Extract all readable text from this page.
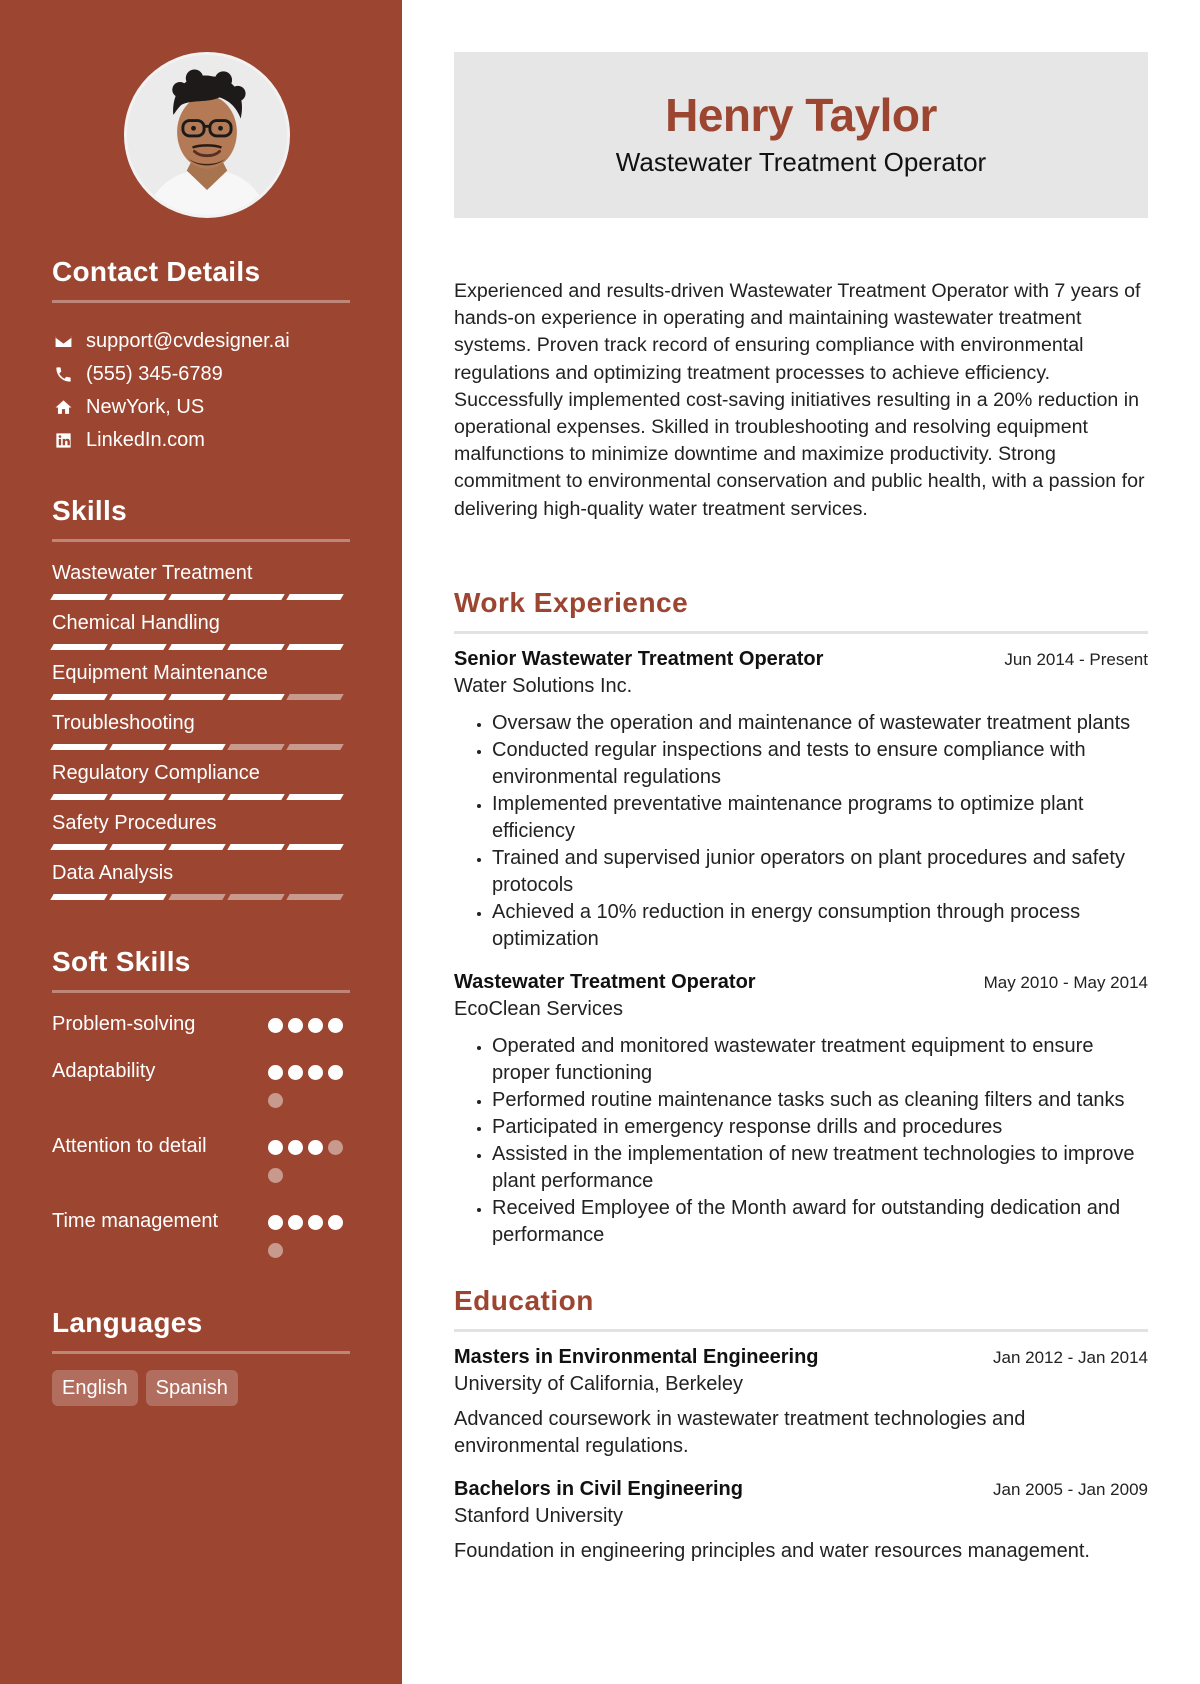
Contact Details
support@cvdesigner.ai
(555) 345-6789
NewYork, US
LinkedIn.com
Skills
Wastewater Treatment
Chemical Handling
Equipment Maintenance
Troubleshooting
Regulatory Compliance
Safety Procedures
Data Analysis
Soft Skills
Problem-solving
Adaptability
Attention to detail
Time management
Languages
English	Spanish
Henry Taylor
Wastewater Treatment Operator

Experienced and results-driven Wastewater Treatment Operator with 7 years of hands-on experience in operating and maintaining wastewater treatment systems. Proven track record of ensuring compliance with environmental regulations and optimizing treatment processes to achieve efficiency. Successfully implemented cost-saving initiatives resulting in a 20% reduction in operational expenses. Skilled in troubleshooting and resolving equipment malfunctions to minimize downtime and maximize productivity. Strong commitment to environmental conservation and public health, with a passion for delivering high-quality water treatment services.

Work Experience
Senior Wastewater Treatment Operator	Jun 2014 - Present
Water Solutions Inc.
• Oversaw the operation and maintenance of wastewater treatment plants
• Conducted regular inspections and tests to ensure compliance with environmental regulations
• Implemented preventative maintenance programs to optimize plant efficiency
• Trained and supervised junior operators on plant procedures and safety protocols
• Achieved a 10% reduction in energy consumption through process optimization
Wastewater Treatment Operator	May 2010 - May 2014
EcoClean Services
• Operated and monitored wastewater treatment equipment to ensure proper functioning
• Performed routine maintenance tasks such as cleaning filters and tanks
• Participated in emergency response drills and procedures
• Assisted in the implementation of new treatment technologies to improve plant performance
• Received Employee of the Month award for outstanding dedication and performance
Education
Masters in Environmental Engineering	Jan 2012 - Jan 2014
University of California, Berkeley

Advanced coursework in wastewater treatment technologies and environmental regulations.

Bachelors in Civil Engineering	Jan 2005 - Jan 2009
Stanford University

Foundation in engineering principles and water resources management.
